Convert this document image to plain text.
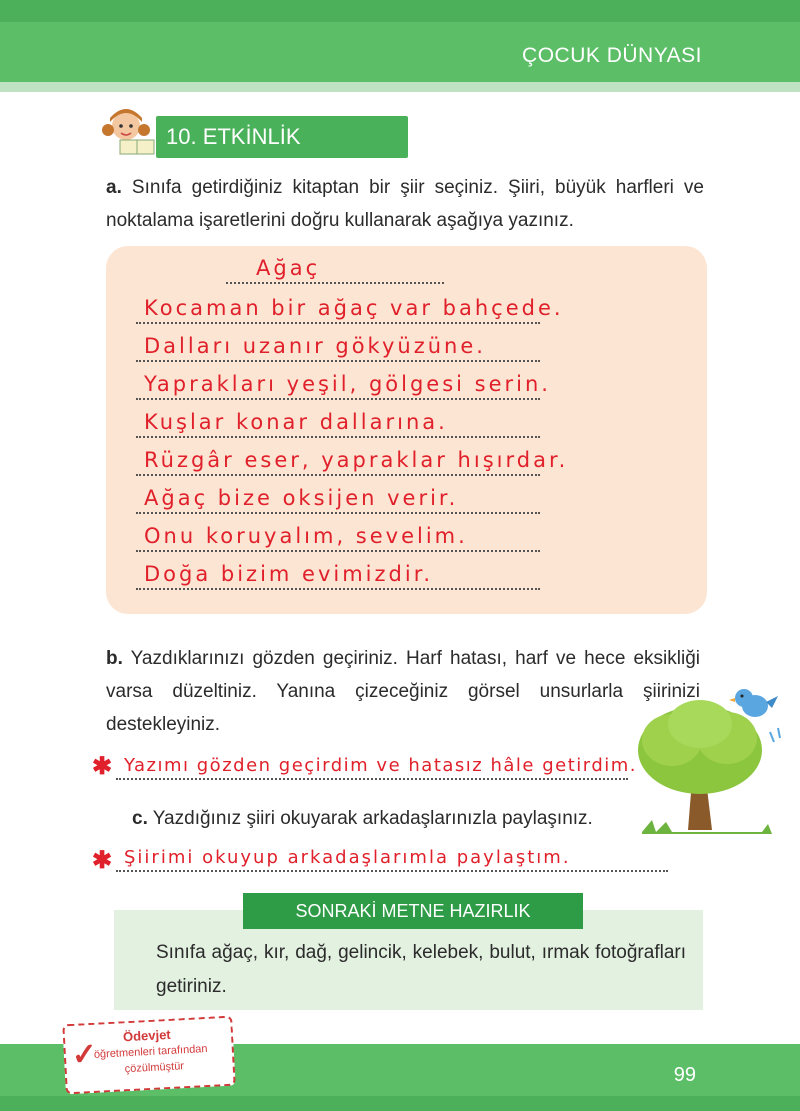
ÇOCUK DÜNYASI
10. ETKİNLİK
a. Sınıfa getirdiğiniz kitaptan bir şiir seçiniz. Şiiri, büyük harfleri ve noktalama işaretlerini doğru kullanarak aşağıya yazınız.
Ağaç
Kocaman bir ağaç var bahçede.
Dalları uzanır gökyüzüne.
Yaprakları yeşil, gölgesi serin.
Kuşlar konar dallarına.
Rüzgâr eser, yapraklar hışırdar.
Ağaç bize oksijen verir.
Onu koruyalım, sevelim.
Doğa bizim evimizdir.
b. Yazdıklarınızı gözden geçiriniz. Harf hatası, harf ve hece eksikliği varsa düzeltiniz. Yanına çizeceğiniz görsel unsurlarla şiirinizi destekleyiniz.
✱ Yazımı gözden geçirdim ve hatasız hâle getirdim.
c. Yazdığınız şiiri okuyarak arkadaşlarınızla paylaşınız.
✱ Şiirimi okuyup arkadaşlarımla paylaştım.
SONRAKİ METNE HAZIRLIK
Sınıfa ağaç, kır, dağ, gelincik, kelebek, bulut, ırmak fotoğrafları getiriniz.
99
✓
Ödevjet
öğretmenleri tarafından
çözülmüştür
